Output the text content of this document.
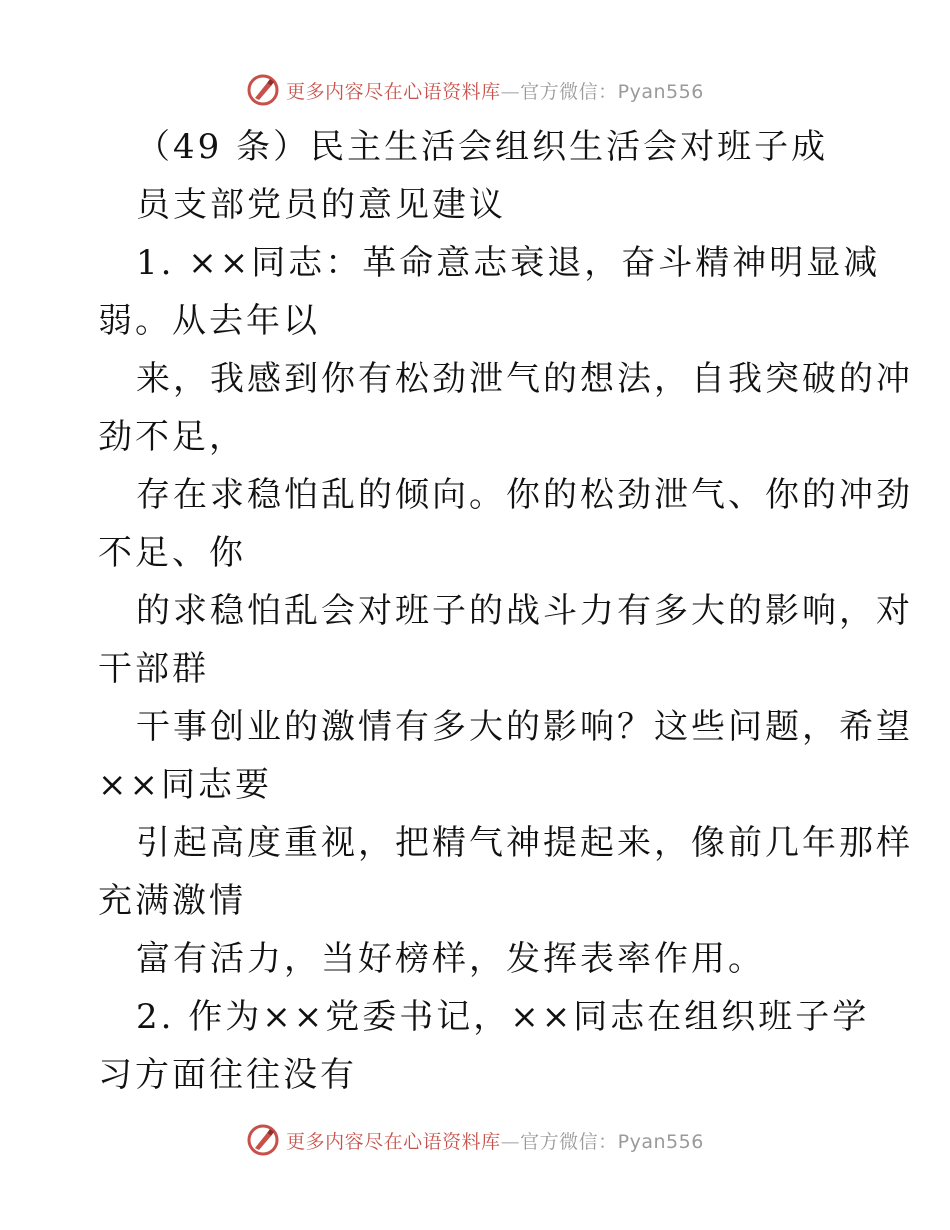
更多内容尽在心语资料库—官方微信：Pyan556
（49 条）民主生活会组织生活会对班子成
员支部党员的意见建议
1. ××同志：革命意志衰退，奋斗精神明显减
弱。从去年以
来，我感到你有松劲泄气的想法，自我突破的冲
劲不足，
存在求稳怕乱的倾向。你的松劲泄气、你的冲劲
不足、你
的求稳怕乱会对班子的战斗力有多大的影响，对
干部群
干事创业的激情有多大的影响？这些问题，希望
××同志要
引起高度重视，把精气神提起来，像前几年那样
充满激情
富有活力，当好榜样，发挥表率作用。
2. 作为××党委书记，××同志在组织班子学
习方面往往没有
更多内容尽在心语资料库—官方微信：Pyan556
